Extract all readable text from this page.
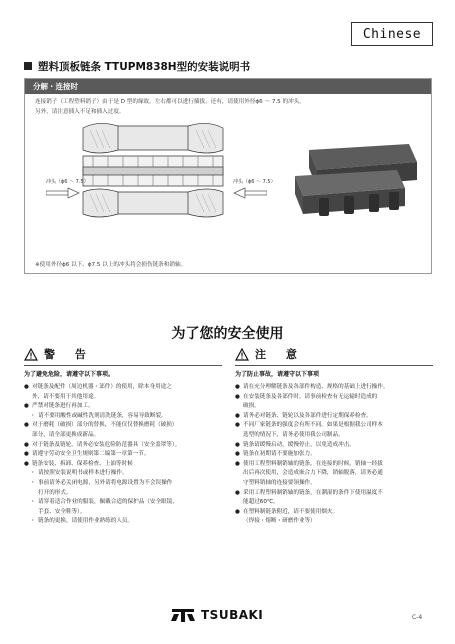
Chinese
塑料顶板链条 TTUPM838H型的安装说明书
分解・连接时
连接销子（工程塑料销子）由于是 D 型的缘故，左右都可以进行插拔。还有，请使用外径ϕ6 ～ 7.5 的冲头。
另外，请注意插入不足和插入过度。
※使用外径ϕ6 以下、ϕ7.5 以上的冲头将会损伤链条和销轴。
冲头（ϕ6 ～ 7.5）	冲头（ϕ6 ～ 7.5）
为了您的安全使用
警 告
为了避免危险，请遵守以下事项。
● 对链条及配件（周边机器・部件）的使用，除本身用途之
外，请不要用于其他用途。
● 严禁对链条进行再加工。
・ 请不要用酸性或碱性洗剂清洗链条，容易导致断裂。
● 对于磨耗（破损）部分的替换，不能仅仅替换磨耗（破损）
部分，请全部更换成新品。
● 对于链条及链轮，请务必安装危险防范器具（安全盖罩等）。
● 请遵守劳动安全卫生规则第二编第一章第一节。
● 链条安装、拆卸、保养检查、上油等时候
・ 请按照安装说明书或样本进行操作。
・ 事前请务必关闭电源，另外请将电源设置为不会误操作
打开的形式。
・ 请穿着适合作业的服装，佩戴合适的保护品（安全眼镜、
手套、安全鞋等）。
・ 链条的更换，请使用作业熟练的人员。
注 意
为了防止事故，请遵守以下事项
● 请在充分理解链条及各部件构造、规格的基础上进行操作。
● 在安装链条及各部件时，请事前检查有无运输时造成的
破损。
● 请务必对链条、链轮以及各部件进行定期保养检查。
● 不同厂家链条的强度会有所不同。如果是根据我公司样本
选型的情况下，请务必使用我公司制品。
● 链条请缓慢启动，缓慢停止，以免造成冲击。
● 链条在初期请不要施加张力。
● 使用工程塑料制销轴的链条，在连接的时候，销轴一经拔
出后再次使用，会造成嵌合力下降，销轴脱落，请务必通
守塑料销轴的连接要领操作。
● 采用工程塑料制销轴的链条，在潮湿的条件下使用温度不
能超过60℃。
● 在塑料制链条附近，请不要使用烟火。
（焊接・熔断・研磨作业等）
TSUBAKI	C-4
